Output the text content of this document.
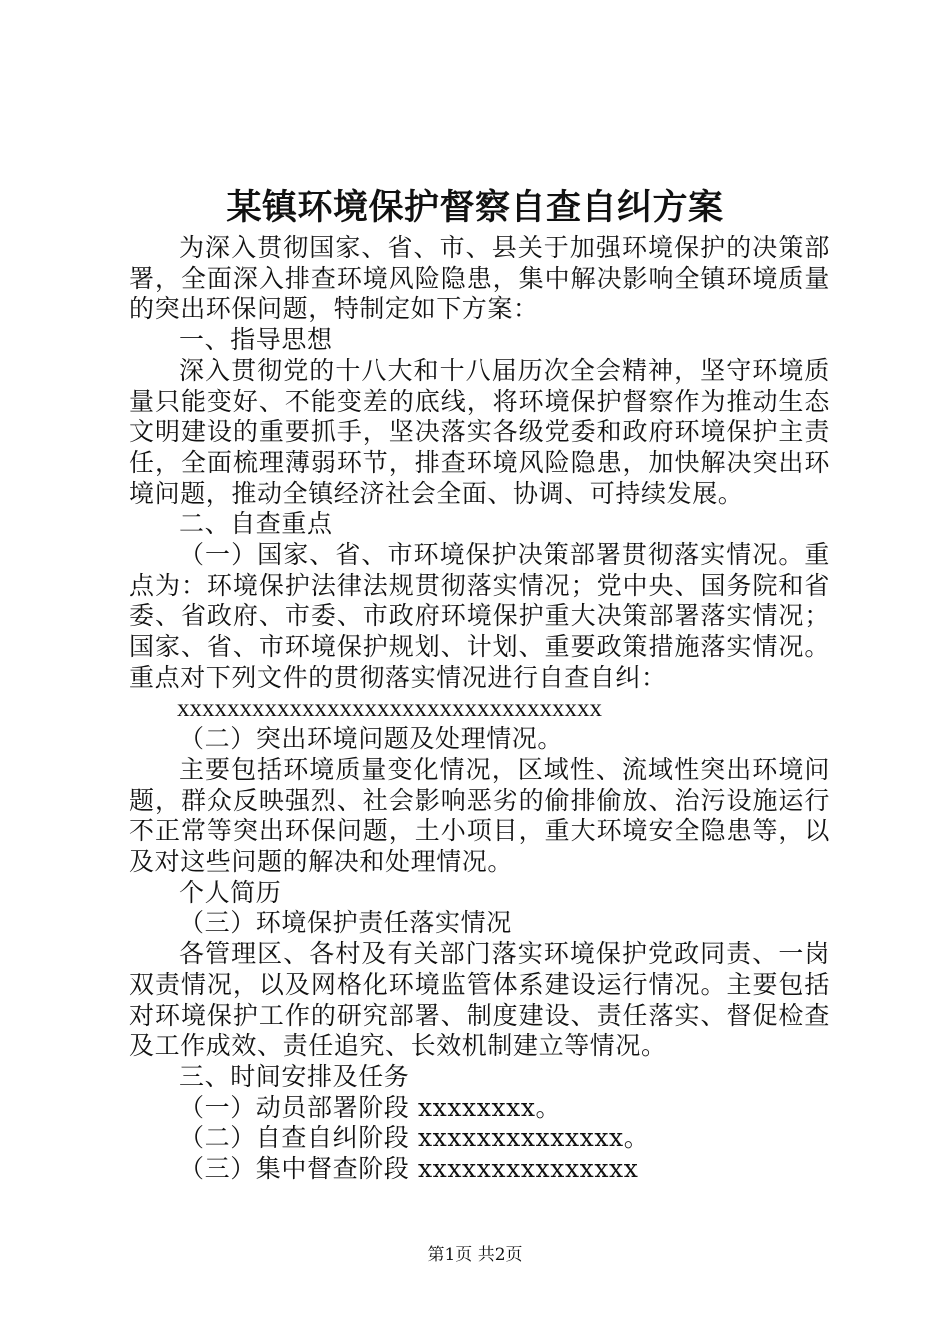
某镇环境保护督察自查自纠方案

为深入贯彻国家、省、市、县关于加强环境保护的决策部署，全面深入排查环境风险隐患，集中解决影响全镇环境质量的突出环保问题，特制定如下方案：

一、指导思想

深入贯彻党的十八大和十八届历次全会精神，坚守环境质量只能变好、不能变差的底线，将环境保护督察作为推动生态文明建设的重要抓手，坚决落实各级党委和政府环境保护主责任，全面梳理薄弱环节，排查环境风险隐患，加快解决突出环境问题，推动全镇经济社会全面、协调、可持续发展。

二、自查重点

（一）国家、省、市环境保护决策部署贯彻落实情况。重点为：环境保护法律法规贯彻落实情况；党中央、国务院和省委、省政府、市委、市政府环境保护重大决策部署落实情况；国家、省、市环境保护规划、计划、重要政策措施落实情况。重点对下列文件的贯彻落实情况进行自查自纠：

xxxxxxxxxxxxxxxxxxxxxxxxxxxxxxxxxx

（二）突出环境问题及处理情况。

主要包括环境质量变化情况，区域性、流域性突出环境问题，群众反映强烈、社会影响恶劣的偷排偷放、治污设施运行不正常等突出环保问题，土小项目，重大环境安全隐患等，以及对这些问题的解决和处理情况。

个人简历

（三）环境保护责任落实情况

各管理区、各村及有关部门落实环境保护党政同责、一岗双责情况，以及网格化环境监管体系建设运行情况。主要包括对环境保护工作的研究部署、制度建设、责任落实、督促检查及工作成效、责任追究、长效机制建立等情况。

三、时间安排及任务

（一）动员部署阶段 xxxxxxxx。

（二）自查自纠阶段 xxxxxxxxxxxxxx。

（三）集中督查阶段 xxxxxxxxxxxxxxx

第1页 共2页
